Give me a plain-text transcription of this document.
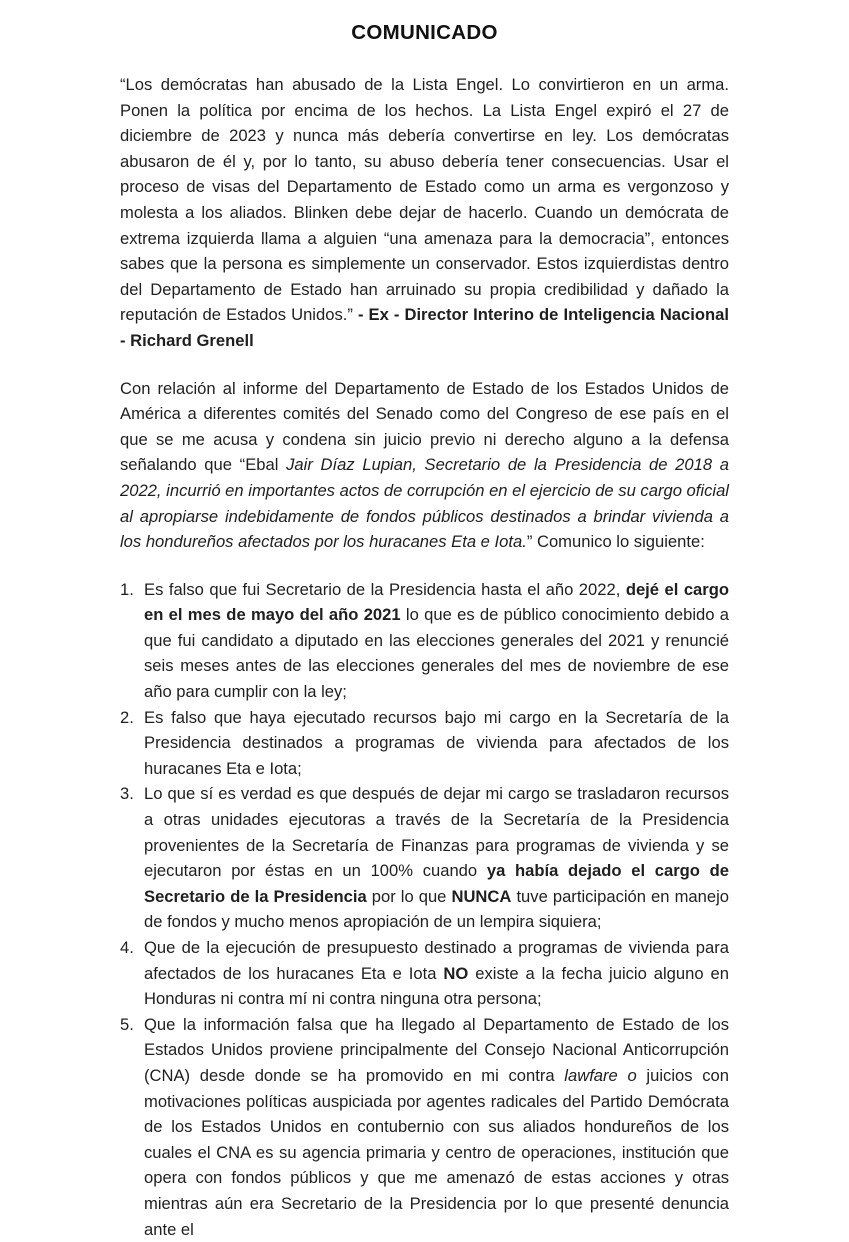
COMUNICADO

“Los demócratas han abusado de la Lista Engel. Lo convirtieron en un arma. Ponen la política por encima de los hechos. La Lista Engel expiró el 27 de diciembre de 2023 y nunca más debería convertirse en ley. Los demócratas abusaron de él y, por lo tanto, su abuso debería tener consecuencias. Usar el proceso de visas del Departamento de Estado como un arma es vergonzoso y molesta a los aliados. Blinken debe dejar de hacerlo. Cuando un demócrata de extrema izquierda llama a alguien “una amenaza para la democracia”, entonces sabes que la persona es simplemente un conservador. Estos izquierdistas dentro del Departamento de Estado han arruinado su propia credibilidad y dañado la reputación de Estados Unidos.” - Ex - Director Interino de Inteligencia Nacional - Richard Grenell

Con relación al informe del Departamento de Estado de los Estados Unidos de América a diferentes comités del Senado como del Congreso de ese país en el que se me acusa y condena sin juicio previo ni derecho alguno a la defensa señalando que “Ebal Jair Díaz Lupian, Secretario de la Presidencia de 2018 a 2022, incurrió en importantes actos de corrupción en el ejercicio de su cargo oficial al apropiarse indebidamente de fondos públicos destinados a brindar vivienda a los hondureños afectados por los huracanes Eta e Iota.” Comunico lo siguiente:

Es falso que fui Secretario de la Presidencia hasta el año 2022, dejé el cargo en el mes de mayo del año 2021 lo que es de público conocimiento debido a que fui candidato a diputado en las elecciones generales del 2021 y renuncié seis meses antes de las elecciones generales del mes de noviembre de ese año para cumplir con la ley;
Es falso que haya ejecutado recursos bajo mi cargo en la Secretaría de la Presidencia destinados a programas de vivienda para afectados de los huracanes Eta e Iota;
Lo que sí es verdad es que después de dejar mi cargo se trasladaron recursos a otras unidades ejecutoras a través de la Secretaría de la Presidencia provenientes de la Secretaría de Finanzas para programas de vivienda y se ejecutaron por éstas en un 100% cuando ya había dejado el cargo de Secretario de la Presidencia por lo que NUNCA tuve participación en manejo de fondos y mucho menos apropiación de un lempira siquiera;
Que de la ejecución de presupuesto destinado a programas de vivienda para afectados de los huracanes Eta e Iota NO existe a la fecha juicio alguno en Honduras ni contra mí ni contra ninguna otra persona;
Que la información falsa que ha llegado al Departamento de Estado de los Estados Unidos proviene principalmente del Consejo Nacional Anticorrupción (CNA) desde donde se ha promovido en mi contra lawfare o juicios con motivaciones políticas auspiciada por agentes radicales del Partido Demócrata de los Estados Unidos en contubernio con sus aliados hondureños de los cuales el CNA es su agencia primaria y centro de operaciones, institución que opera con fondos públicos y que me amenazó de estas acciones y otras mientras aún era Secretario de la Presidencia por lo que presenté denuncia ante el
